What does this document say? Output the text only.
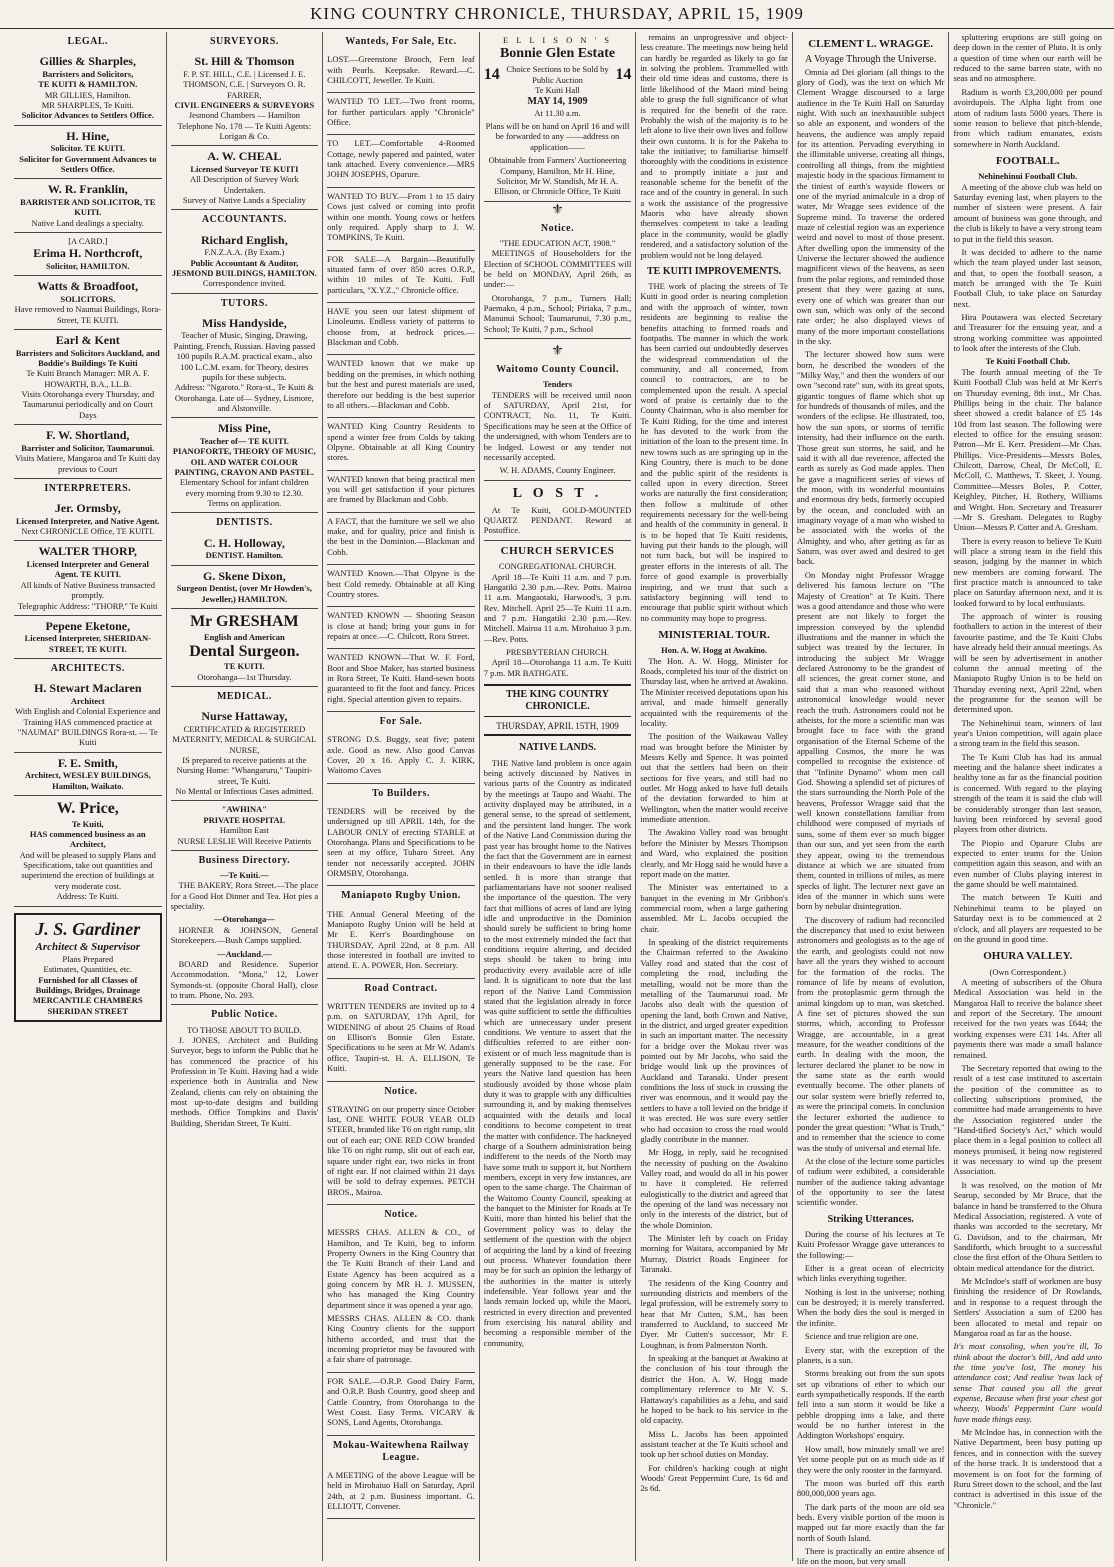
KING COUNTRY CHRONICLE, THURSDAY, APRIL 15, 1909
LEGAL.
Gillies & Sharples,
Barristers and Solicitors,
TE KUITI & HAMILTON.
MR GILLIES, Hamilton.
MR SHARPLES, Te Kuiti.
Solicitor Advances to Settlers Office.
H. Hine,
Solicitor. TE KUITI.
Solicitor for Government Advances to Settlers Office.
W. R. Franklin,
BARRISTER AND SOLICITOR, TE KUITI.
Native Land dealings a specialty.
[A CARD.]
Erima H. Northcroft,
Solicitor, HAMILTON.
Watts & Broadfoot,
SOLICITORS.
Have removed to Naumai Buildings, Rora-Street, TE KUITI.
Earl & Kent
Barristers and Solicitors Auckland, and Boddie's Buildings Te Kuiti
Te Kuiti Branch Manager: MR A. F. HOWARTH, B.A., LL.B.
Visits Otorohanga every Thursday, and Taumarunui periodically and on Court Days
F. W. Shortland,
Barrister and Solicitor, Taumarunui.
Visits Matiere, Mangaroa and Te Kuiti day previous to Court
INTERPRETERS.
Jer. Ormsby,
Licensed Interpreter, and Native Agent.
Next CHRONICLE Office, TE KUITI.
WALTER THORP,
Licensed Interpreter and General Agent. TE KUITI.
All kinds of Native Business transacted promptly.
Telegraphic Address: "THORP," Te Kuiti
Pepene Eketone,
Licensed Interpreter, SHERIDAN-STREET, TE KUITI.
ARCHITECTS.
H. Stewart Maclaren
Architect
With English and Colonial Experience and Training HAS commenced practice at "NAUMAI" BUILDINGS Rora-st. — Te Kuiti
F. E. Smith,
Architect, WESLEY BUILDINGS, Hamilton, Waikato.
W. Price,
Te Kuiti,
HAS commenced business as an Architect,
And will be pleased to supply Plans and Specifications, take out quantities and superintend the erection of buildings at very moderate cost.
Address: Te Kuiti.
J. S. Gardiner
Architect & Supervisor
Plans Prepared
Estimates, Quantities, etc.
Furnished for all Classes of Buildings, Bridges, Drainage
MERCANTILE CHAMBERS SHERIDAN STREET
SURVEYORS.
St. Hill & Thomson
F. P. ST. HILL, C.E. | Licensed J. E. THOMSON, C.E. | Surveyors O. R. FARRER,
CIVIL ENGINEERS & SURVEYORS
Jesmond Chambers — Hamilton
Telephone No. 178 — Te Kuiti Agents: Lorigan & Co.
A. W. CHEAL
Licensed Surveyor TE KUITI
All Description of Survey Work Undertaken.
Survey of Native Lands a Speciality
ACCOUNTANTS.
Richard English,
F.N.Z.A.A. (By Exam.)
Public Accountant & Auditor, JESMOND BUILDINGS, HAMILTON.
Correspondence invited.
TUTORS.
Miss Handyside,
Teacher of Music, Singing, Drawing, Painting, French, Russian. Having passed 100 pupils R.A.M. practical exam., also 100 L.C.M. exam. for Theory, desires pupils for these subjects.
Address: "Ngaroto." Rora-st., Te Kuiti & Otorohanga. Late of— Sydney, Lismore, and Alstonville.
Miss Pine,
Teacher of— TE KUITI. PIANOFORTE, THEORY OF MUSIC, OIL AND WATER COLOUR PAINTING, CRAYON AND PASTEL.
Elementary School for infant children every morning from 9.30 to 12.30.
Terms on application.
DENTISTS.
C. H. Holloway,
DENTIST. Hamilton.
G. Skene Dixon,
Surgeon Dentist, (over Mr Howden's, Jeweller,) HAMILTON.
Mr GRESHAM
English and American
Dental Surgeon.
TE KUITI.
Otorohanga—1st Thursday.
MEDICAL.
Nurse Hattaway,
CERTIFICATED & REGISTERED MATERNITY, MEDICAL & SURGICAL NURSE,
IS prepared to receive patients at the Nursing Home: "Whangaruru," Taupiri-street, Te Kuiti.
No Mental or Infectious Cases admitted.
"AWHINA"
PRIVATE HOSPITAL
Hamilton East
NURSE LESLIE Will Receive Patients
Business Directory.
—Te Kuiti.—

THE BAKERY, Rora Street.—The place for a Good Hot Dinner and Tea. Hot pies a speciality.

—Otorohanga—

HORNER & JOHNSON, General Storekeepers.—Bush Camps supplied.

—Auckland.—

BOARD and Residence. Superior Accommodation. "Mona," 12, Lower Symonds-st. (opposite Choral Hall), close to tram. Phone, No. 293.

Public Notice.
TO THOSE ABOUT TO BUILD.

J. JONES, Architect and Building Surveyor, begs to inform the Public that he has commenced the practice of his Profession in Te Kuiti. Having had a wide experience both in Australia and New Zealand, clients can rely on obtaining the most up-to-date designs and building methods. Office Tompkins and Davis' Building, Sheridan Street, Te Kuiti.

Wanteds, For Sale, Etc.

LOST.—Greenstone Brooch, Fern leaf with Pearls. Keepsake. Reward.—C. CHILCOTT, Jeweller. Te Kuiti.

WANTED TO LET.—Two front rooms, for further particulars apply "Chronicle" Office.

TO LET.—Comfortable 4-Roomed Cottage, newly papered and painted, water tank attached. Every convenience.—MRS JOHN JOSEPHS, Oparure.

WANTED TO BUY.—From 1 to 15 dairy Cows just calved or coming into profit within one month. Young cows or heifers only required. Apply sharp to J. W. TOMPKINS, Te Kuiti.

FOR SALE—A Bargain—Beautifully situated farm of over 850 acres O.R.P., within 10 miles of Te Kuiti. Full particulars, "X.Y.Z.," Chronicle office.

HAVE you seen our latest shipment of Linoleums. Endless variety of patterns to choose from, at bedrock prices.—Blackman and Cobb.

WANTED known that we make up bedding on the premises, in which nothing but the best and purest materials are used, therefore our bedding is the best superior to all others.—Blackman and Cobb.

WANTED King Country Residents to spend a winter free from Colds by taking Olpyne. Obtainable at all King Country stores.

WANTED known that being practical men you will get satisfaction if your pictures are framed by Blackman and Cobb.

A FACT, that the furniture we sell we also make, and for quality, price and finish is the best in the Dominion.—Blackman and Cobb.

WANTED Known.—That Olpyne is the best Cold remedy. Obtainable at all King Country stores.

WANTED KNOWN — Shooting Season is close at hand; bring your guns in for repairs at once.—C. Chilcott, Rora Street.

WANTED KNOWN—That W. F. Ford, Boot and Shoe Maker, has started business in Rora Street, Te Kuiti. Hand-sewn boots guaranteed to fit the foot and fancy. Prices right. Special attention given to repairs.

For Sale.

STRONG D.S. Buggy, seat five; patent axle. Good as new. Also good Canvas Cover, 20 x 16. Apply C. J. KIRK, Waitomo Caves

To Builders.

TENDERS will be received by the undersigned up till APRIL 14th, for the LABOUR ONLY of erecting STABLE at Otorohanga. Plans and Specifications to be seen at my office, Tuharo Street. Any tender not necessarily accepted. JOHN ORMSBY, Otorohanga.

Maniapoto Rugby Union.

THE Annual General Meeting of the Maniapoto Rugby Union will be held at Mr E. Kerr's Boardinghouse on THURSDAY, April 22nd, at 8 p.m. All those interested in football are invited to attend. E. A. POWER, Hon. Secretary.

Road Contract.

WRITTEN TENDERS are invited up to 4 p.m. on SATURDAY, 17th April, for WIDENING of about 25 Chains of Road on Ellison's Bonnie Glen Estate. Specifications to be seen at Mr W. Adam's office, Taupiri-st. H. A. ELLISON, Te Kuiti.

Notice.

STRAYING on our property since October last, ONE WHITE FOUR YEAR OLD STEER, branded like T6 on right rump, slit out of each ear; ONE RED COW branded like T6 on right rump, slit out of each ear, square under right ear, two nicks in front of right ear. If not claimed within 21 days will be sold to defray expenses. PETCH BROS., Mairoa.

Notice.

MESSRS CHAS. ALLEN & CO., of Hamilton, and Te Kuiti, beg to inform Property Owners in the King Country that the Te Kuiti Branch of their Land and Estate Agency has been acquired as a going concern by MR H. J. MUSSEN, who has managed the King Country department since it was opened a year ago.

MESSRS CHAS. ALLEN & CO. thank King Country clients for the support hitherto accorded, and trust that the incoming proprietor may be favoured with a fair share of patronage.

FOR SALE.—O.R.P. Good Dairy Farm, and O.R.P. Bush Country, good sheep and Cattle Country, from Otorohanga to the West Coast. Easy Terms. VICARY & SONS, Land Agents, Otorohanga.

Mokau-Waitewhena Railway League.

A MEETING of the above League will be held in Mirohaiuo Hall on Saturday, April 24th, at 2 p.m. Business important. G. ELLIOTT, Convener.

E L L I S O N ' S
Bonnie Glen Estate
14 Choice Sections to be Sold by Public Auction	14
Te Kuiti Hall
MAY 14, 1909
At 11.30 a.m.
Plans will be on hand on April 16 and will be forwarded to any ——address on application——
Obtainable from Farmers' Auctioneering Company, Hamilton, Mr H. Hine, Solicitor, Mr W. Standish, Mr H. A. Ellison, or Chronicle Office, Te Kuiti
⚜
Notice.
"THE EDUCATION ACT, 1908."

MEETINGS of Householders for the Election of SCHOOL COMMITTEES will be held on MONDAY, April 26th, as under:—

Otorohanga, 7 p.m., Turners Hall; Paemako, 4 p.m., School; Piriaka, 7 p.m., Manunui School; Taumarunui, 7.30 p.m., School; Te Kuiti, 7 p.m., School

⚜
Waitomo County Council.
Tenders

TENDERS will be received until noon of SATURDAY, April 21st, for CONTRACT, No. 11, Te Kuiti. Specifications may be seen at the Office of the undersigned, with whom Tenders are to be lodged. Lowest or any tender not necessarily accepted.

W. H. ADAMS, County Engineer.
L O S T .

At Te Kuiti, GOLD-MOUNTED QUARTZ PENDANT. Reward at Postoffice.

CHURCH SERVICES
CONGREGATIONAL CHURCH.

April 18—Te Kuiti 11 a.m. and 7 p.m. Hangatiki 2.30 p.m.—Rev. Potts. Mairoa 11 a.m. Mangaotaki, Harwood's, 3 p.m. Rev. Mitchell. April 25—Te Kuiti 11 a.m. and 7 p.m. Hangatiki 2.30 p.m.—Rev. Mitchell. Mairoa 11 a.m. Mirohaiuo 3 p.m.—Rev. Potts.

PRESBYTERIAN CHURCH.

April 18—Otorohanga 11 a.m. Te Kuiti 7 p.m. MR BATHGATE.

THE KING COUNTRY CHRONICLE.
THURSDAY, APRIL 15TH, 1909
NATIVE LANDS.

THE Native land problem is once again being actively discussed by Natives in various parts of the Country as indicated by the meetings at Taupo and Waahi. The activity displayed may be attributed, in a general sense, to the spread of settlement, and the persistent land hunger. The work of the Native Land Commission during the past year has brought home to the Natives the fact that the Government are in earnest in their endeavours to have the idle lands settled. It is more than strange that parliamentarians have not sooner realised the importance of the question. The very fact that millions of acres of land are lying idle and unproductive in the Dominion should surely be sufficient to bring home to the most extremely minded the fact that conditions require altering, and decided steps should be taken to bring into productivity every available acre of idle land. It is significant to note that the last report of the Native Land Commission stated that the legislation already in force was quite sufficient to settle the difficulties which are unnecessary under present conditions. We venture to assert that the difficulties referred to are either non-existent or of much less magnitude than is generally supposed to be the case. For years the Native land question has been studiously avoided by those whose plain duty it was to grapple with any difficulties surrounding it, and by making themselves acquainted with the details and local conditions to become competent to treat the matter with confidence. The hackneyed charge of a Southern administration being indifferent to the needs of the North may have some truth to support it, but Northern members, except in very few instances, are open to the same charge. The Chairman of the Waitomo County Council, speaking at the banquet to the Minister for Roads at Te Kuiti, more than hinted his belief that the Government policy was to delay the settlement of the question with the object of acquiring the land by a kind of freezing out process. Whatever foundation there may be for such an opinion the lethargy of the authorities in the matter is utterly indefensible. Year follows year and the lands remain locked up, while the Maori, restricted in every direction and prevented from exercising his natural ability and becoming a responsible member of the community,

remains an unprogressive and object-less creature. The meetings now being held can hardly be regarded as likely to go far in solving the problem. Trammelled with their old time ideas and customs, there is little likelihood of the Maori mind being able to grasp the full significance of what is required for the benefit of the race. Probably the wish of the majority is to be left alone to live their own lives and follow their own customs. It is for the Pakeha to take the initiative; to familiarise himself thoroughly with the conditions in existence and to promptly initiate a just and reasonable scheme for the benefit of the race and of the country in general. In such a work the assistance of the progressive Maoris who have already shown themselves competent to take a leading place in the community, would be gladly rendered, and a satisfactory solution of the problem would not be long delayed.

TE KUITI IMPROVEMENTS.

THE work of placing the streets of Te Kuiti in good order is nearing completion and with the approach of winter, town residents are beginning to realise the benefits attaching to formed roads and footpaths. The manner in which the work has been carried out undoubtedly deserves the widespread commendation of the community, and all concerned, from council to contractors, are to be complemented upon the result. A special word of praise is certainly due to the County Chairman, who is also member for Te Kuiti Riding, for the time and interest he has devoted to the work from the initiation of the loan to the present time. In new towns such as are springing up in the King Country, there is much to be done and the public spirit of the residents is called upon in every direction. Street works are naturally the first consideration; then follow a multitude of other requirements necessary for the well-being and health of the community in general. It is to be hoped that Te Kuiti residents, having put their hands to the plough, will not turn back, but will be inspired to greater efforts in the interests of all. The force of good example is proverbially inspiring, and we trust that such a satisfactory beginning will tend to encourage that public spirit without which no community may hope to progress.

MINISTERIAL TOUR.
Hon. A. W. Hogg at Awakino.

The Hon. A. W. Hogg, Minister for Roads, completed his tour of the district on Thursday last, when he arrived at Awakino. The Minister received deputations upon his arrival, and made himself generally acquainted with the requirements of the locality.

The position of the Waikawau Valley road was brought before the Minister by Messrs Kelly and Spence. It was pointed out that the settlers had been on their sections for five years, and still had no outlet. Mr Hogg asked to have full details of the deviation forwarded to him at Wellington, when the matter would receive immediate attention.

The Awakino Valley road was brought before the Minister by Messrs Thompson and Ward, who explained the position clearly, and Mr Hogg said he would have a report made on the matter.

The Minister was entertained to a banquet in the evening in Mr Gribbon's commercial room, when a large gathering assembled. Mr L. Jacobs occupied the chair.

In speaking of the district requirements the Chairman referred to the Awakino Valley road and stated that the cost of completing the road, including the metalling, would not be more than the metalling of the Taumarunui road. Mr Jacobs also dealt with the question of opening the land, both Crown and Native, in the district, and urged greater expedition in such an important matter. The necessity for a bridge over the Mokau river was pointed out by Mr Jacobs, who said the bridge would link up the provinces of Auckland and Taranaki. Under present conditions the loss of stock in crossing the river was enormous, and it would pay the settlers to have a toll levied on the bridge if it was erected. He was sure every settler who had occasion to cross the road would gladly contribute in the manner.

Mr Hogg, in reply, said he recognised the necessity of pushing on the Awakino Valley road, and would do all in his power to have it completed. He referred eulogistically to the district and agreed that the opening of the land was necessary not only in the interests of the district, but of the whole Dominion.

The Minister left by coach on Friday morning for Waitara, accompanied by Mr Murray, District Roads Engineer for Taranaki.

The residents of the King Country and surrounding districts and members of the legal profession, will be extremely sorry to hear that Mr Cutten, S.M., has been transferred to Auckland, to succeed Mr Dyer. Mr Cutten's successor, Mr F. Loughnan, is from Palmerston North.

In speaking at the banquet at Awakino at the conclusion of his tour through the district the Hon. A. W. Hogg made complimentary reference to Mr V. S. Hattaway's capabilities as a Jehu, and said he hoped to be back to his service in the old capacity.

Miss L. Jacobs has been appointed assistant teacher at the Te Kuiti school and took up her school duties on Monday.

For children's hacking cough at night Woods' Great Peppermint Cure, 1s 6d and 2s 6d.

CLEMENT L. WRAGGE.
A Voyage Through the Universe.

Omnia ad Dei gloriam (all things to the glory of God), was the text on which Mr Clement Wragge discoursed to a large audience in the Te Kuiti Hall on Saturday night. With such an inexhaustible subject so able an exponent, and wonders of the heavens, the audience was amply repaid for its attention. Pervading everything in the illimitable universe, creating all things, controlling all things, from the mightiest majestic body in the spacious firmament to the tiniest of earth's wayside flowers or one of the myriad animalcule in a drop of water, Mr Wragge sees evidence of the Supreme mind. To traverse the ordered maze of celestial region was an experience weird and novel to most of those present. After dwelling upon the immensity of the Universe the lecturer showed the audience magnificent views of the heavens, as seen from the polar regions, and reminded those present that they were gazing at suns, every one of which was greater than our own sun, which was only of the second rate order; he also displayed views of many of the more important constellations in the sky.

The lecturer showed how suns were born, he described the wonders of the "Milky Way," and then the wonders of our own "second rate" sun, with its great spots, gigantic tongues of flame which shot up for hundreds of thousands of miles, and the wonders of the eclipse. He illustrated, too, how the sun spots, or storms of terrific intensity, had their influence on the earth. Those great sun storms, he said, and he said it with all due reverence, affected the earth as surely as God made apples. Then he gave a magnificent series of views of the moon, with its wonderful mountains and enormous dry beds, formerly occupied by the ocean, and concluded with an imaginary voyage of a man who wished to be associated with the works of the Almighty, and who, after getting as far as Saturn, was over awed and desired to get back.

On Monday night Professor Wragge delivered his famous lecture on "The Majesty of Creation" at Te Kuiti. There was a good attendance and those who were present are not likely to forget the impression conveyed by the splendid illustrations and the manner in which the subject was treated by the lecturer. In introducing the subject Mr Wragge declared Astronomy to be the grandest of all sciences, the great corner stone, and said that a man who reasoned without astronomical knowledge would never reach the truth. Astronomers could not be atheists, for the more a scientific man was brought face to face with the grand organisation of the Eternal Scheme of the appalling Cosmos, the more he was compelled to recognise the existence of that "Infinite Dynamo" whom men call God. Showing a splendid set of pictures of the stars surrounding the North Pole of the heavens, Professor Wragge said that the well known constellations familiar from childhood were composed of myriads of suns, some of them ever so much bigger than our sun, and yet seen from the earth they appear, owing to the tremendous distance at which we are situated from them, counted in trillions of miles, as mere specks of light. The lecturer next gave an idea of the manner in which suns were born by nebular disintegration.

The discovery of radium had reconciled the discrepancy that used to exist between astronomers and geologists as to the age of the earth, and geologists could not now have all the years they wished to account for the formation of the rocks. The romance of life by means of evolution, from the protoplasmic germ through the animal kingdom up to man, was sketched. A fine set of pictures showed the sun storms, which, according to Professor Wragge, are accountable, in a great measure, for the weather conditions of the earth. In dealing with the moon, the lecturer declared the planet to be now in the same state as the earth would eventually become. The other planets of our solar system were briefly referred to, as were the principal comets. In conclusion the lecturer exhorted the audience to ponder the great question: "What is Truth," and to remember that the science to come was the study of universal and eternal life.

At the close of the lecture some particles of radium were exhibited, a considerable number of the audience taking advantage of the opportunity to see the latest scientific wonder.

Striking Utterances.

During the course of his lectures at Te Kuiti Professor Wragge gave utterances to the following:—

Ether is a great ocean of electricity which links everything together.

Nothing is lost in the universe; nothing can be destroyed; it is merely transferred. When the body dies the soul is merged in the infinite.

Science and true religion are one.

Every star, with the exception of the planets, is a sun.

Storms breaking out from the sun spots set up vibrations of ether to which our earth sympathetically responds. If the earth fell into a sun storm it would be like a pebble dropping into a lake, and there would be no further interest in the Addington Workshops' enquiry.

How small, how minutely small we are! Yet some people put on as much side as if they were the only rooster in the farmyard.

The moon was buried off this earth 800,000,000 years ago.

The dark parts of the moon are old sea beds. Every visible portion of the moon is mapped out far more exactly than the far north of South Island.

There is practically an entire absence of life on the moon, but very small

spluttering eruptions are still going on deep down in the center of Pluto. It is only a question of time when our earth will be reduced to the same barren state, with no seas and no atmosphere.

Radium is worth £3,200,000 per pound avoirdupois. The Alpha light from one atom of radium lasts 5000 years. There is some reason to believe that pitch-blende, from which radium emanates, exists somewhere in North Auckland.

FOOTBALL.
Nehinehinui Football Club.

A meeting of the above club was held on Saturday evening last, when players to the number of sixteen were present. A fair amount of business was gone through, and the club is likely to have a very strong team to put in the field this season.

It was decided to adhere to the name which the team played under last season, and that, to open the football season, a match be arranged with the Te Kuiti Football Club, to take place on Saturday next.

Hira Poutawera was elected Secretary and Treasurer for the ensuing year, and a strong working committee was appointed to look after the interests of the Club.

Te Kuiti Football Club.

The fourth annual meeting of the Te Kuiti Football Club was held at Mr Kerr's on Thursday evening, 8th inst., Mr Chas. Phillips being in the chair. The balance sheet showed a credit balance of £5 14s 10d from last season. The following were elected to office for the ensuing season: Patron—Mr E. Kerr. President—Mr Chas. Phillips. Vice-Presidents—Messrs Boles, Chilcott, Darrow, Cheal, Dr McColl, E. McColl, C. Matthews, T. Skeet, J. Young. Committee—Messrs Boles, P. Cotter, Keighley, Pitcher, H. Rothery, Williams and Wright. Hon. Secretary and Treasurer—Mr S. Gresham. Delegates to Rugby Union—Messrs P. Cotter and A. Gresham.

There is every reason to believe Te Kuiti will place a strong team in the field this season, judging by the manner in which new members are coming forward. The first practice match is announced to take place on Saturday afternoon next, and it is looked forward to by local enthusiasts.

The approach of winter is rousing footballers to action in the interest of their favourite pastime, and the Te Kuiti Clubs have already held their annual meetings. As will be seen by advertisement in another column the annual meeting of the Maniapoto Rugby Union is to be held on Thursday evening next, April 22nd, when the programme for the season will be determined upon.

The Nehinehinui team, winners of last year's Union competition, will again place a strong team in the field this season.

The Te Kuiti Club has had its annual meeting and the balance sheet indicates a healthy tone as far as the financial position is concerned. With regard to the playing strength of the team it is said the club will be considerably stronger than last season, having been reinforced by several good players from other districts.

The Piopio and Oparure Clubs are expected to enter teams for the Union competition again this season, and with an even number of Clubs playing interest in the game should be well maintained.

The match between Te Kuiti and Nehinehinui teams to be played on Saturday next is to be commenced at 2 o'clock, and all players are requested to be on the ground in good time.

OHURA VALLEY.
(Own Correspondent.)

A meeting of subscribers of the Ohura Medical Association was held in the Mangaroa Hall to receive the balance sheet and report of the Secretary. The amount received for the two years was £644; the working expenses were £31 14s. After all payments there was made a small balance remained.

The Secretary reported that owing to the result of a test case instituted to ascertain the position of the committee as to collecting subscriptions promised, the committee had made arrangements to have the Association registered under the "Hand-tified Society's Act," which would place them in a legal position to collect all moneys promised, it being now registered it was necessary to wind up the present Association.

It was resolved, on the motion of Mr Searup, seconded by Mr Bruce, that the balance in hand be transferred to the Ohura Medical Association, registered. A vote of thanks was accorded to the secretary, Mr G. Davidson, and to the chairman, Mr Sandiforth, which brought to a successful close the first effort of the Ohura Settlers to obtain medical attendance for the district.

Mr McIndoe's staff of workmen are busy finishing the residence of Dr Rowlands, and in response to a request through the Settlers' Association a sum of £200 has been allocated to metal and repair on Mangaroa road as far as the house.

It's most consoling, when you're ill, To think about the doctor's bill, And add unto the time you've lost, The money his attendance cost; And realise 'twas lack of sense That caused you all the great expense, Because when first your chest got wheezy, Woods' Peppermint Cure would have made things easy.

Mr McIndoe has, in connection with the Native Department, been busy putting up fences, and in connection with the survey of the horse track. It is understood that a movement is on foot for the forming of Ruru Street down to the school, and the last contract is advertised in this issue of the "Chronicle."
